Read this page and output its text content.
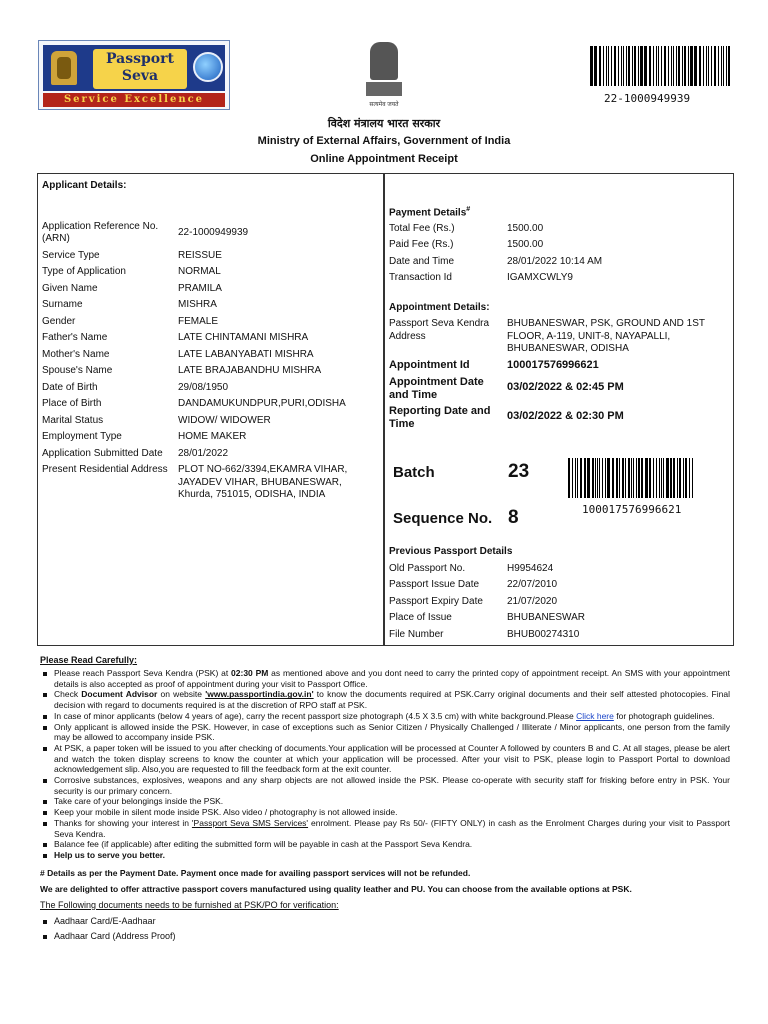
Passport
Seva
Service Excellence	सत्यमेव जयते	22-1000949939
विदेश मंत्रालय भारत सरकार
Ministry of External Affairs, Government of India
Online Appointment Receipt
Applicant Details:
Application Reference No. (ARN)
22-1000949939
Service Type	REISSUE
Type of Application	NORMAL
Given Name	PRAMILA
Surname	MISHRA
Gender	FEMALE
Father's Name	LATE CHINTAMANI MISHRA
Mother's Name	LATE LABANYABATI MISHRA
Spouse's Name	LATE BRAJABANDHU MISHRA
Date of Birth	29/08/1950
Place of Birth	DANDAMUKUNDPUR,PURI,ODISHA
Marital Status	WIDOW/ WIDOWER
Employment Type	HOME MAKER
Application Submitted Date 28/01/2022
Present Residential Address PLOT NO-662/3394,EKAMRA VIHAR, JAYADEV VIHAR, BHUBANESWAR, Khurda, 751015, ODISHA, INDIA
Payment Details#
Total Fee (Rs.)	1500.00
Paid Fee (Rs.)	1500.00
Date and Time	28/01/2022 10:14 AM
Transaction Id	IGAMXCWLY9
Appointment Details:
Passport Seva Kendra Address
BHUBANESWAR, PSK, GROUND AND 1ST FLOOR, A-119, UNIT-8, NAYAPALLI, BHUBANESWAR, ODISHA
Appointment Id	100017576996621
Appointment Date and Time
03/02/2022 & 02:45 PM
Reporting Date and Time
03/02/2022 & 02:30 PM
Batch	23
Sequence No. 8	100017576996621
Previous Passport Details
Old Passport No.	H9954624
Passport Issue Date	22/07/2010
Passport Expiry Date 21/07/2020
Place of Issue	BHUBANESWAR
File Number	BHUB00274310
Please Read Carefully:
Please reach Passport Seva Kendra (PSK) at 02:30 PM as mentioned above and you dont need to carry the printed copy of appointment receipt. An SMS with your appointment details is also accepted as proof of appointment during your visit to Passport Office.
Check Document Advisor on website 'www.passportindia.gov.in' to know the documents required at PSK.Carry original documents and their self attested photocopies. Final decision with regard to documents required is at the discretion of RPO staff at PSK.
In case of minor applicants (below 4 years of age), carry the recent passport size photograph (4.5 X 3.5 cm) with white background.Please Click here for photograph guidelines.
Only applicant is allowed inside the PSK. However, in case of exceptions such as Senior Citizen / Physically Challenged / Illiterate / Minor applicants, one person from the family may be allowed to accompany inside PSK.
At PSK, a paper token will be issued to you after checking of documents.Your application will be processed at Counter A followed by counters B and C. At all stages, please be alert and watch the token display screens to know the counter at which your application will be processed. After your visit to PSK, please login to Passport Portal to download acknowledgement slip. Also,you are requested to fill the feedback form at the exit counter.
Corrosive substances, explosives, weapons and any sharp objects are not allowed inside the PSK. Please co-operate with security staff for frisking before entry in PSK. Your security is our primary concern.
Take care of your belongings inside the PSK.
Keep your mobile in silent mode inside PSK. Also video / photography is not allowed inside.
Thanks for showing your interest in 'Passport Seva SMS Services' enrolment. Please pay Rs 50/- (FIFTY ONLY) in cash as the Enrolment Charges during your visit to Passport Seva Kendra.
Balance fee (if applicable) after editing the submitted form will be payable in cash at the Passport Seva Kendra.
Help us to serve you better.
# Details as per the Payment Date. Payment once made for availing passport services will not be refunded.
We are delighted to offer attractive passport covers manufactured using quality leather and PU. You can choose from the available options at PSK.
The Following documents needs to be furnished at PSK/PO for verification:
Aadhaar Card/E-Aadhaar
Aadhaar Card (Address Proof)
